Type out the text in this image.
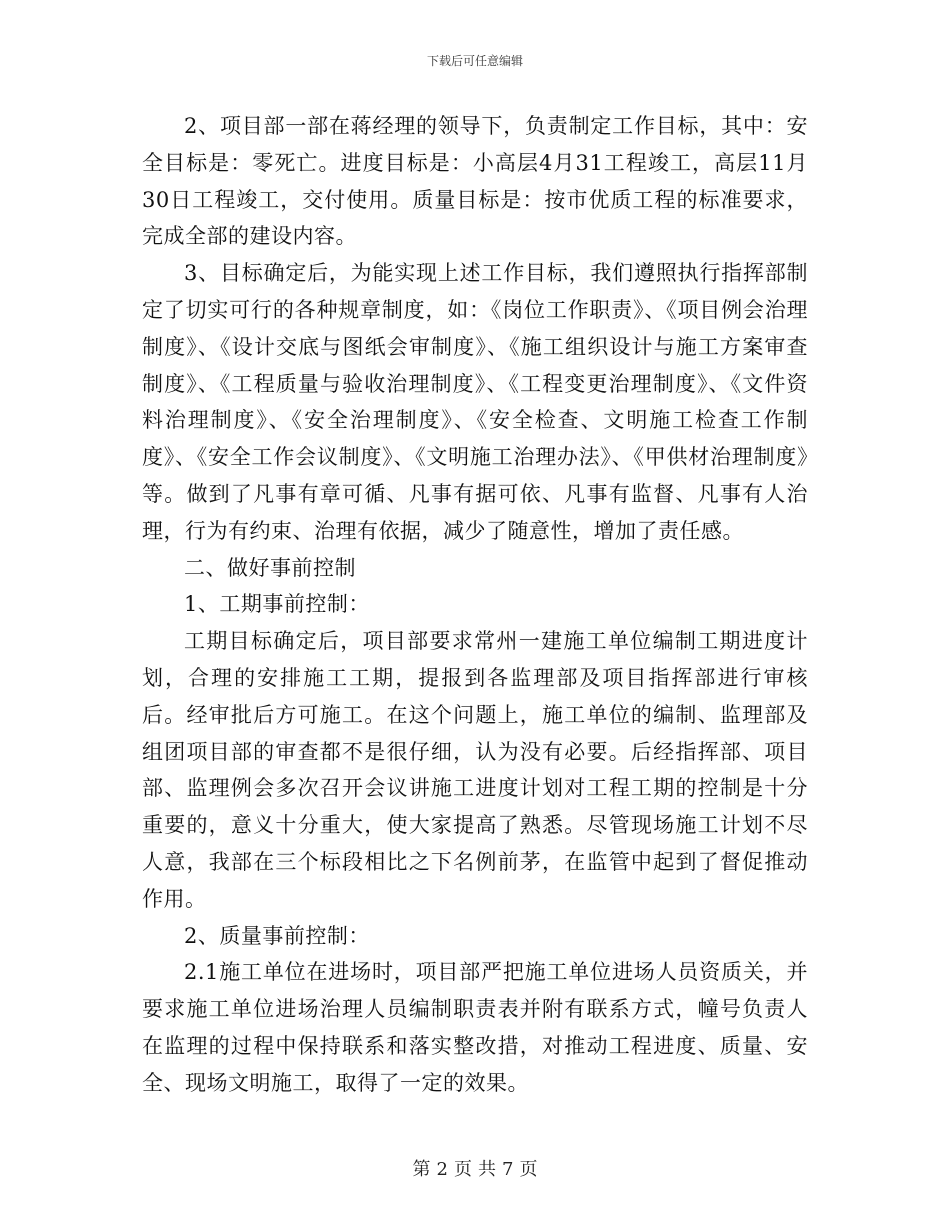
下载后可任意编辑

2、项目部一部在蒋经理的领导下，负责制定工作目标，其中：安全目标是：零死亡。进度目标是：小高层4月31工程竣工，高层11月30日工程竣工，交付使用。质量目标是：按市优质工程的标准要求，完成全部的建设内容。

3、目标确定后，为能实现上述工作目标，我们遵照执行指挥部制定了切实可行的各种规章制度，如：《岗位工作职责》、《项目例会治理制度》、《设计交底与图纸会审制度》、《施工组织设计与施工方案审查制度》、《工程质量与验收治理制度》、《工程变更治理制度》、《文件资料治理制度》、《安全治理制度》、《安全检查、文明施工检查工作制度》、《安全工作会议制度》、《文明施工治理办法》、《甲供材治理制度》等。做到了凡事有章可循、凡事有据可依、凡事有监督、凡事有人治理，行为有约束、治理有依据，减少了随意性，增加了责任感。

二、做好事前控制

1、工期事前控制：

工期目标确定后，项目部要求常州一建施工单位编制工期进度计划，合理的安排施工工期，提报到各监理部及项目指挥部进行审核后。经审批后方可施工。在这个问题上，施工单位的编制、监理部及组团项目部的审查都不是很仔细，认为没有必要。后经指挥部、项目部、监理例会多次召开会议讲施工进度计划对工程工期的控制是十分重要的，意义十分重大，使大家提高了熟悉。尽管现场施工计划不尽人意，我部在三个标段相比之下名例前茅，在监管中起到了督促推动作用。

2、质量事前控制：

2.1施工单位在进场时，项目部严把施工单位进场人员资质关，并要求施工单位进场治理人员编制职责表并附有联系方式，幢号负责人在监理的过程中保持联系和落实整改措，对推动工程进度、质量、安全、现场文明施工，取得了一定的效果。

第 2 页 共 7 页
